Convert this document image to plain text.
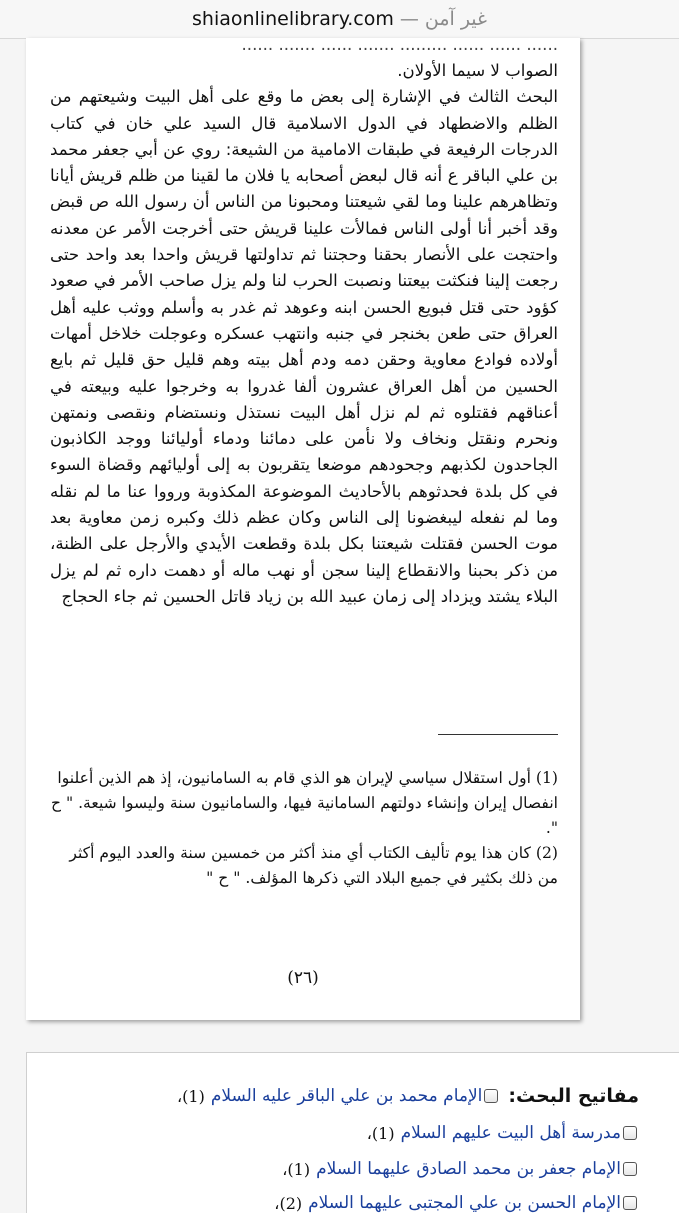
shiaonlinelibrary.com — غير آمن
...... ...... ...... ......... ....... ...... ....... ......

الصواب لا سيما الأولان.

البحث الثالث في الإشارة إلى بعض ما وقع على أهل البيت وشيعتهم من الظلم والاضطهاد في الدول الاسلامية قال السيد علي خان في كتاب الدرجات الرفيعة في طبقات الامامية من الشيعة: روي عن أبي جعفر محمد بن علي الباقر ع أنه قال لبعض أصحابه يا فلان ما لقينا من ظلم قريش أيانا وتظاهرهم علينا وما لقي شيعتنا ومحبونا من الناس أن رسول الله ص قبض وقد أخبر أنا أولى الناس فمالأت علينا قريش حتى أخرجت الأمر عن معدنه واحتجت على الأنصار بحقنا وحجتنا ثم تداولتها قريش واحدا بعد واحد حتى رجعت إلينا فنكثت بيعتنا ونصبت الحرب لنا ولم يزل صاحب الأمر في صعود كؤود حتى قتل فبويع الحسن ابنه وعوهد ثم غدر به وأسلم ووثب عليه أهل العراق حتى طعن بخنجر في جنبه وانتهب عسكره وعوجلت خلاخل أمهات أولاده فوادع معاوية وحقن دمه ودم أهل بيته وهم قليل حق قليل ثم بايع الحسين من أهل العراق عشرون ألفا غدروا به وخرجوا عليه وبيعته في أعناقهم فقتلوه ثم لم نزل أهل البيت نستذل ونستضام ونقصى ونمتهن ونحرم ونقتل ونخاف ولا نأمن على دمائنا ودماء أوليائنا ووجد الكاذبون الجاحدون لكذبهم وجحودهم موضعا يتقربون به إلى أوليائهم وقضاة السوء في كل بلدة فحدثوهم بالأحاديث الموضوعة المكذوبة ورووا عنا ما لم نقله وما لم نفعله ليبغضونا إلى الناس وكان عظم ذلك وكبره زمن معاوية بعد موت الحسن فقتلت شيعتنا بكل بلدة وقطعت الأيدي والأرجل على الظنة، من ذكر بحبنا والانقطاع إلينا سجن أو نهب ماله أو دهمت داره ثم لم يزل البلاء يشتد ويزداد إلى زمان عبيد الله بن زياد قاتل الحسين ثم جاء الحجاج

(1) أول استقلال سياسي لإيران هو الذي قام به السامانيون، إذ هم الذين أعلنوا انفصال إيران وإنشاء دولتهم السامانية فيها، والسامانيون سنة وليسوا شيعة. " ح ".

(2) كان هذا يوم تأليف الكتاب أي منذ أكثر من خمسين سنة والعدد اليوم أكثر من ذلك بكثير في جميع البلاد التي ذكرها المؤلف. " ح "

(٢٦)
مفاتيح البحث:
الإمام محمد بن علي الباقر عليه السلام
(1)،
مدرسة أهل البيت عليهم السلام
(1)،
الإمام جعفر بن محمد الصادق عليهما السلام
(1)،
الإمام الحسن بن علي المجتبى عليهما السلام
(2)،
